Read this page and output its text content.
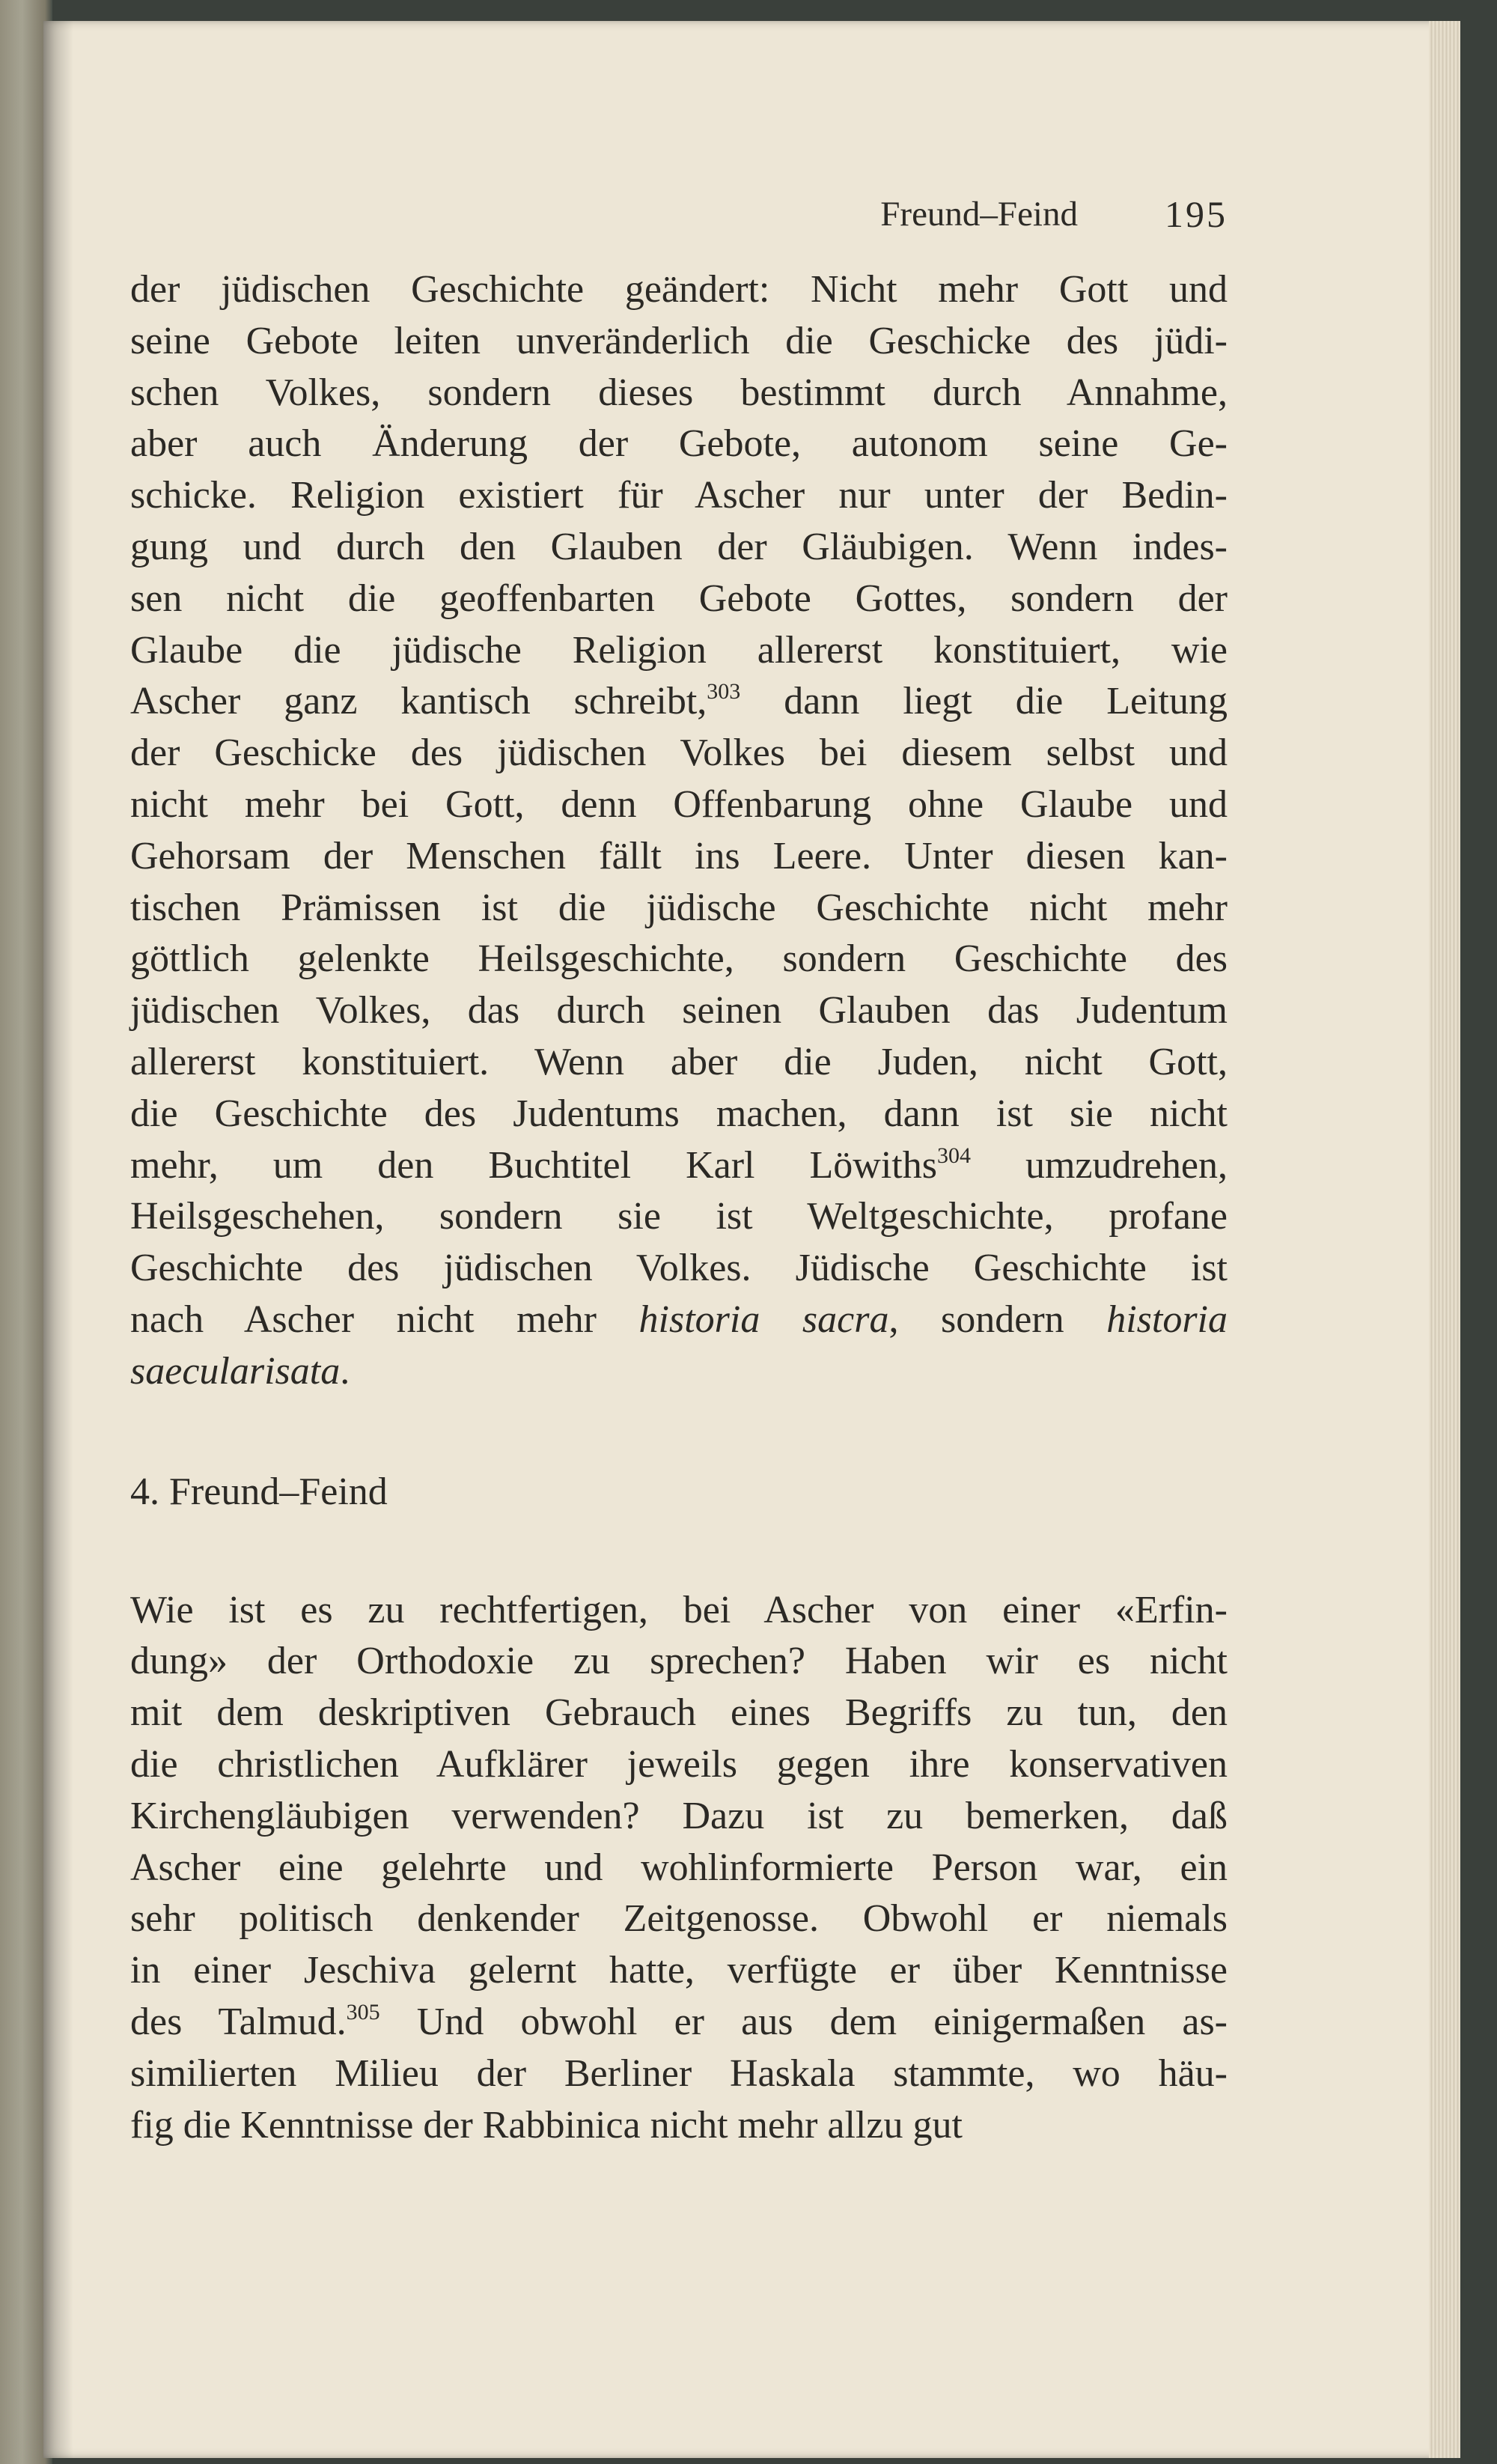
Freund–Feind 195

der jüdischen Geschichte geändert: Nicht mehr Gott und

seine Gebote leiten unveränderlich die Geschicke des jüdi-

schen Volkes, sondern dieses bestimmt durch Annahme,

aber auch Änderung der Gebote, autonom seine Ge-

schicke. Religion existiert für Ascher nur unter der Bedin-

gung und durch den Glauben der Gläubigen. Wenn indes-

sen nicht die geoffenbarten Gebote Gottes, sondern der

Glaube die jüdische Religion allererst konstituiert, wie

Ascher ganz kantisch schreibt,$^{303}$ dann liegt die Leitung

der Geschicke des jüdischen Volkes bei diesem selbst und

nicht mehr bei Gott, denn Offenbarung ohne Glaube und

Gehorsam der Menschen fällt ins Leere. Unter diesen kan-

tischen Prämissen ist die jüdische Geschichte nicht mehr

göttlich gelenkte Heilsgeschichte, sondern Geschichte des

jüdischen Volkes, das durch seinen Glauben das Judentum

allererst konstituiert. Wenn aber die Juden, nicht Gott,

die Geschichte des Judentums machen, dann ist sie nicht

mehr, um den Buchtitel Karl Löwiths$^{304}$ umzudrehen,

Heilsgeschehen, sondern sie ist Weltgeschichte, profane

Geschichte des jüdischen Volkes. Jüdische Geschichte ist

nach Ascher nicht mehr historia sacra, sondern historia

saecularisata.

4. Freund–Feind

Wie ist es zu rechtfertigen, bei Ascher von einer «Erfin-

dung» der Orthodoxie zu sprechen? Haben wir es nicht

mit dem deskriptiven Gebrauch eines Begriffs zu tun, den

die christlichen Aufklärer jeweils gegen ihre konservativen

Kirchengläubigen verwenden? Dazu ist zu bemerken, daß

Ascher eine gelehrte und wohlinformierte Person war, ein

sehr politisch denkender Zeitgenosse. Obwohl er niemals

in einer Jeschiva gelernt hatte, verfügte er über Kenntnisse

des Talmud.$^{305}$ Und obwohl er aus dem einigermaßen as-

similierten Milieu der Berliner Haskala stammte, wo häu-

fig die Kenntnisse der Rabbinica nicht mehr allzu gut
